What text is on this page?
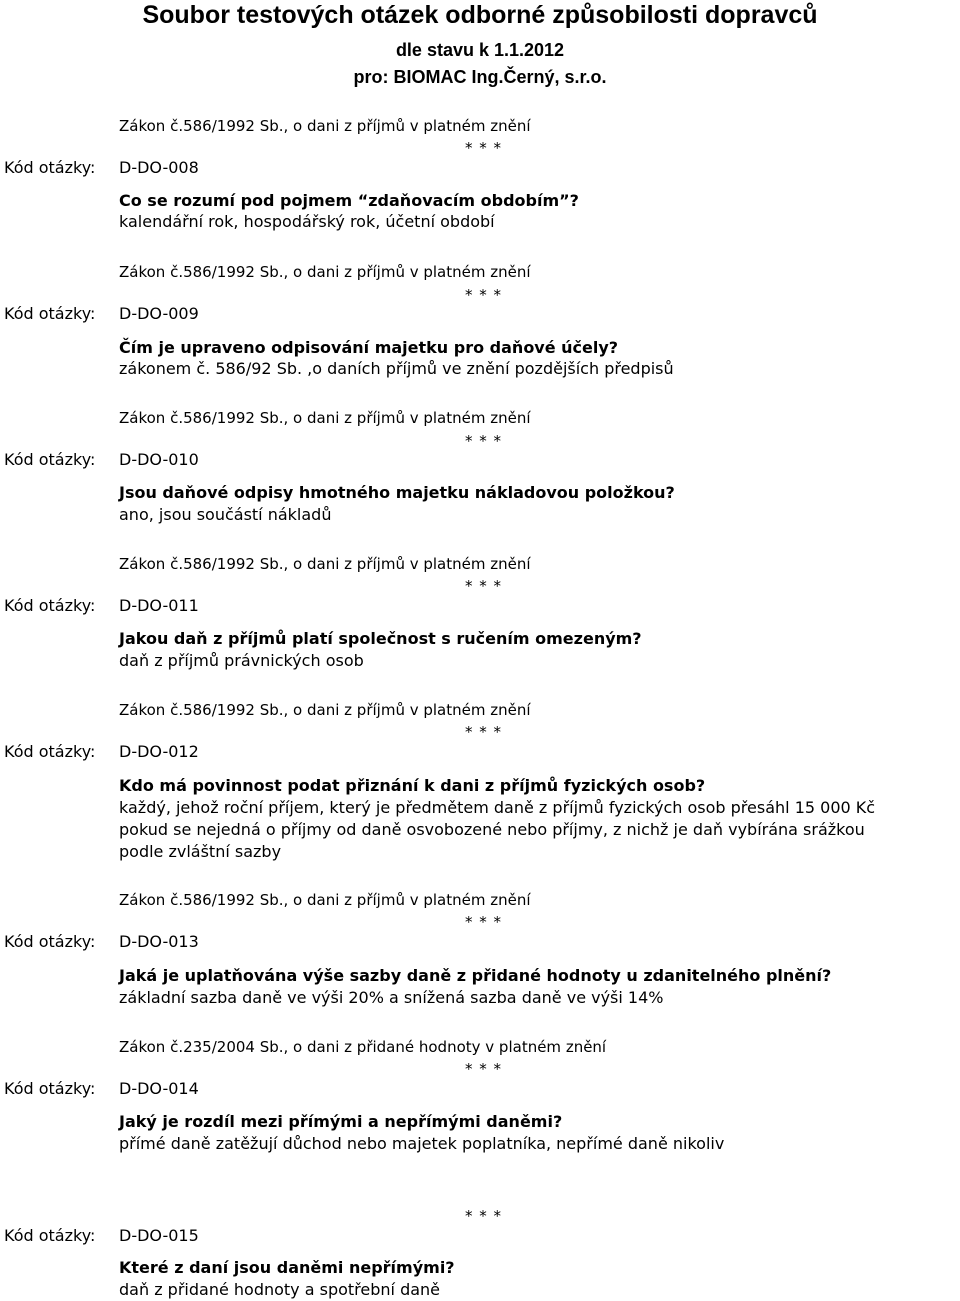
Soubor testových otázek odborné způsobilosti dopravců
dle stavu k 1.1.2012
pro: BIOMAC Ing.Černý, s.r.o.
Zákon č.586/1992 Sb., o dani z příjmů v platném znění
* * *
Kód otázky: D-DO-008
Co se rozumí pod pojmem “zdaňovacím obdobím”?
kalendářní rok, hospodářský rok, účetní období
Zákon č.586/1992 Sb., o dani z příjmů v platném znění
* * *
Kód otázky: D-DO-009
Čím je upraveno odpisování majetku pro daňové účely?
zákonem č. 586/92 Sb. ,o daních příjmů ve znění pozdějších předpisů
Zákon č.586/1992 Sb., o dani z příjmů v platném znění
* * *
Kód otázky: D-DO-010
Jsou daňové odpisy hmotného majetku nákladovou položkou?
ano, jsou součástí nákladů
Zákon č.586/1992 Sb., o dani z příjmů v platném znění
* * *
Kód otázky: D-DO-011
Jakou daň z příjmů platí společnost s ručením omezeným?
daň z příjmů právnických osob
Zákon č.586/1992 Sb., o dani z příjmů v platném znění
* * *
Kód otázky: D-DO-012
Kdo má povinnost podat přiznání k dani z příjmů fyzických osob?
každý, jehož roční příjem, který je předmětem daně z příjmů fyzických osob přesáhl 15 000 Kč
pokud se nejedná o příjmy od daně osvobozené nebo příjmy, z nichž je daň vybírána srážkou
podle zvláštní sazby
Zákon č.586/1992 Sb., o dani z příjmů v platném znění
* * *
Kód otázky: D-DO-013
Jaká je uplatňována výše sazby daně z přidané hodnoty u zdanitelného plnění?
základní sazba daně ve výši 20% a snížená sazba daně ve výši 14%
Zákon č.235/2004 Sb., o dani z přidané hodnoty v platném znění
* * *
Kód otázky: D-DO-014
Jaký je rozdíl mezi přímými a nepřímými daněmi?
přímé daně zatěžují důchod nebo majetek poplatníka, nepřímé daně nikoliv
* * *
Kód otázky: D-DO-015
Které z daní jsou daněmi nepřímými?
daň z přidané hodnoty a spotřební daně
